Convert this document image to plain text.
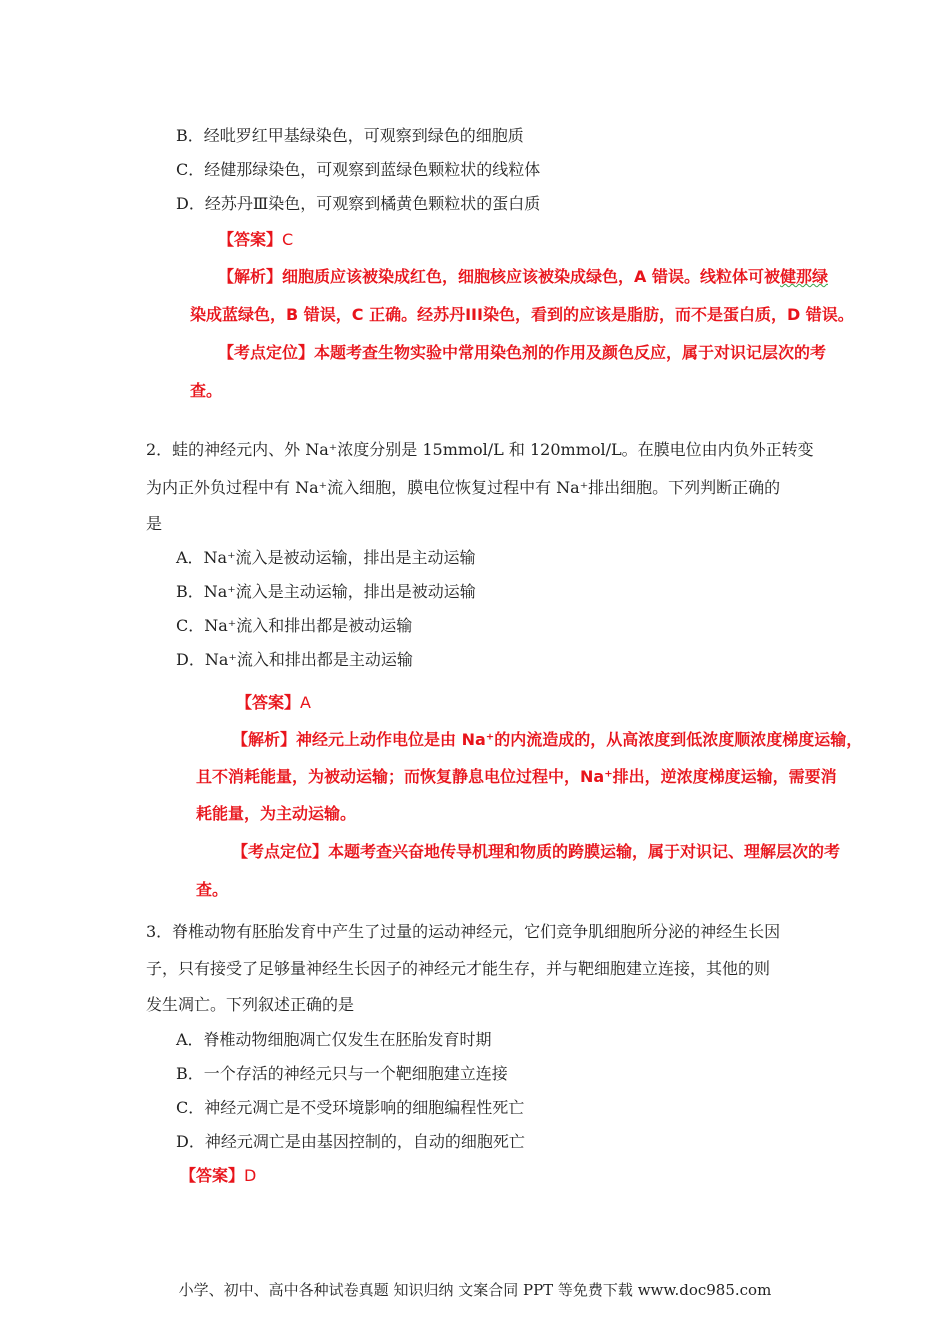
B．经吡罗红甲基绿染色，可观察到绿色的细胞质
C．经健那绿染色，可观察到蓝绿色颗粒状的线粒体
D．经苏丹Ⅲ染色，可观察到橘黄色颗粒状的蛋白质
【答案】C
【解析】细胞质应该被染成红色，细胞核应该被染成绿色，A 错误。线粒体可被健那绿
染成蓝绿色，B 错误，C 正确。经苏丹III染色，看到的应该是脂肪，而不是蛋白质，D 错误。
【考点定位】本题考查生物实验中常用染色剂的作用及颜色反应，属于对识记层次的考
查。
2．蛙的神经元内、外 Na⁺浓度分别是 15mmol/L 和 120mmol/L。在膜电位由内负外正转变
为内正外负过程中有 Na⁺流入细胞，膜电位恢复过程中有 Na⁺排出细胞。下列判断正确的
是
A．Na⁺流入是被动运输，排出是主动运输
B．Na⁺流入是主动运输，排出是被动运输
C．Na⁺流入和排出都是被动运输
D．Na⁺流入和排出都是主动运输
【答案】A
【解析】神经元上动作电位是由 Na⁺的内流造成的，从高浓度到低浓度顺浓度梯度运输，
且不消耗能量，为被动运输；而恢复静息电位过程中，Na⁺排出，逆浓度梯度运输，需要消
耗能量，为主动运输。
【考点定位】本题考查兴奋地传导机理和物质的跨膜运输，属于对识记、理解层次的考
查。
3．脊椎动物有胚胎发育中产生了过量的运动神经元，它们竞争肌细胞所分泌的神经生长因
子，只有接受了足够量神经生长因子的神经元才能生存，并与靶细胞建立连接，其他的则
发生凋亡。下列叙述正确的是
A．脊椎动物细胞凋亡仅发生在胚胎发育时期
B．一个存活的神经元只与一个靶细胞建立连接
C．神经元凋亡是不受环境影响的细胞编程性死亡
D．神经元凋亡是由基因控制的，自动的细胞死亡
【答案】D
小学、初中、高中各种试卷真题 知识归纳 文案合同 PPT 等免费下载 www.doc985.com
